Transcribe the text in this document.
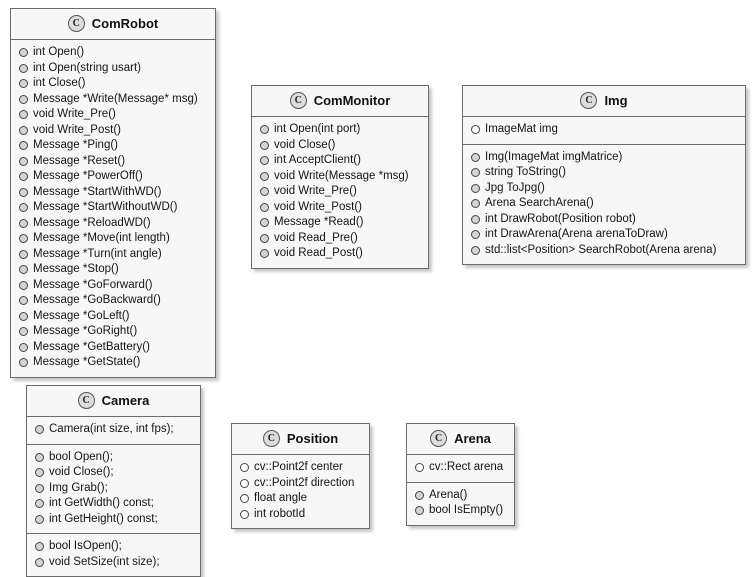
C ComRobot
int Open()
int Open(string usart)
int Close()
Message *Write(Message* msg)
void Write_Pre()
void Write_Post()
Message *Ping()
Message *Reset()
Message *PowerOff()
Message *StartWithWD()
Message *StartWithoutWD()
Message *ReloadWD()
Message *Move(int length)
Message *Turn(int angle)
Message *Stop()
Message *GoForward()
Message *GoBackward()
Message *GoLeft()
Message *GoRight()
Message *GetBattery()
Message *GetState()
C ComMonitor
int Open(int port)
void Close()
int AcceptClient()
void Write(Message *msg)
void Write_Pre()
void Write_Post()
Message *Read()
void Read_Pre()
void Read_Post()
C Img
ImageMat img
Img(ImageMat imgMatrice)
string ToString()
Jpg ToJpg()
Arena SearchArena()
int DrawRobot(Position robot)
int DrawArena(Arena arenaToDraw)
std::list<Position> SearchRobot(Arena arena)
C Camera
Camera(int size, int fps);
bool Open();
void Close();
Img Grab();
int GetWidth() const;
int GetHeight() const;
bool IsOpen();
void SetSize(int size);
C Position
cv::Point2f center
cv::Point2f direction
float angle
int robotId
C Arena
cv::Rect arena
Arena()
bool IsEmpty()
